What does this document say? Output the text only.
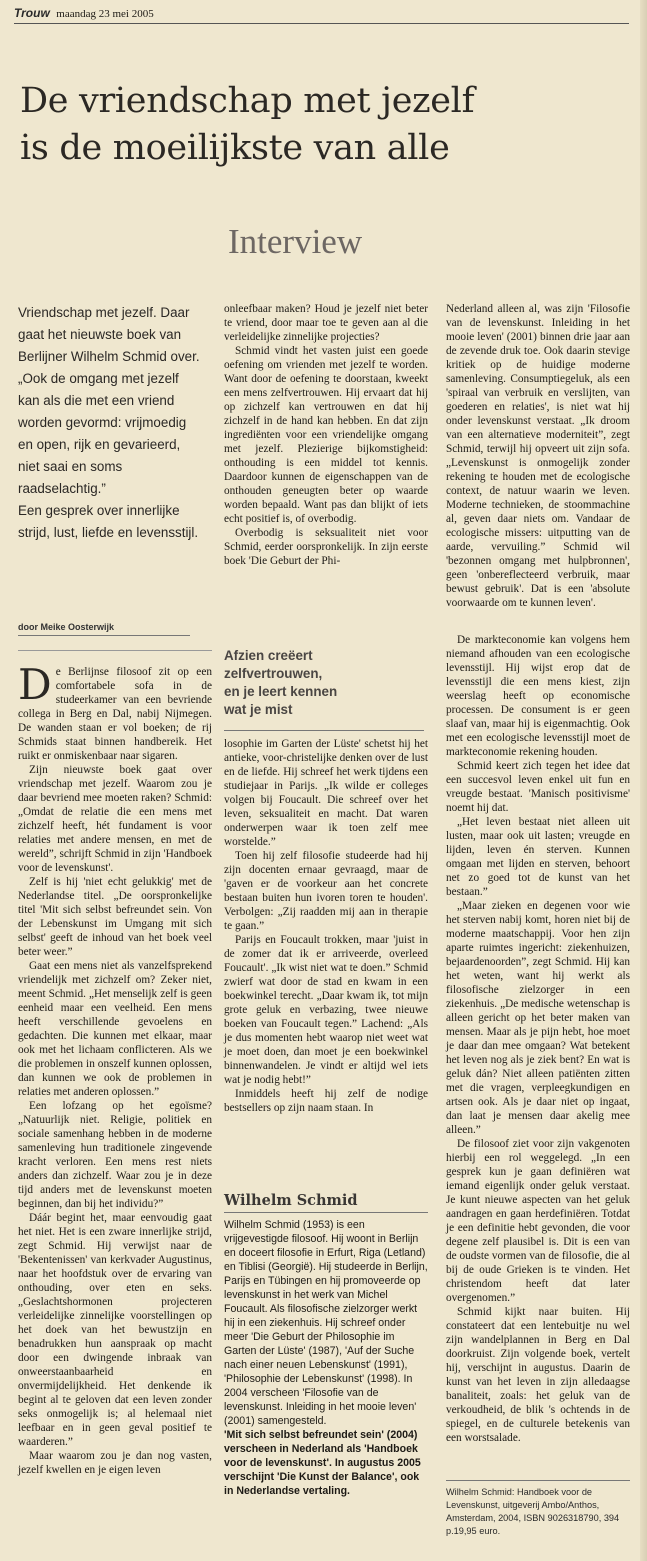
Trouw maandag 23 mei 2005
De vriendschap met jezelf
is de moeilijkste van alle
Interview

Vriendschap met jezelf. Daar gaat het nieuwste boek van Berlijner Wilhelm Schmid over. „Ook de omgang met jezelf kan als die met een vriend worden gevormd: vrijmoedig en open, rijk en gevarieerd, niet saai en soms raadselachtig.”

Een gesprek over innerlijke strijd, lust, liefde en levensstijl.

door Meike Oosterwijk

onleefbaar maken? Houd je jezelf niet beter te vriend, door maar toe te geven aan al die verleidelijke zinnelijke projecties?

Schmid vindt het vasten juist een goede oefening om vrienden met jezelf te worden. Want door de oefening te doorstaan, kweekt een mens zelfvertrouwen. Hij ervaart dat hij op zichzelf kan vertrouwen en dat hij zichzelf in de hand kan hebben. En dat zijn ingrediënten voor een vriendelijke omgang met jezelf. Plezierige bijkomstigheid: onthouding is een middel tot kennis. Daardoor kunnen de eigenschappen van de onthouden geneugten beter op waarde worden bepaald. Want pas dan blijkt of iets echt positief is, of overbodig.

Overbodig is seksualiteit niet voor Schmid, eerder oorspronkelijk. In zijn eerste boek 'Die Geburt der Phi-

Afzien creëert
zelfvertrouwen,
en je leert kennen
wat je mist

Nederland alleen al, was zijn 'Filosofie van de levenskunst. Inleiding in het mooie leven' (2001) binnen drie jaar aan de zevende druk toe. Ook daarin stevige kritiek op de huidige moderne samenleving. Consumptiegeluk, als een 'spiraal van verbruik en verslijten, van goederen en relaties', is niet wat hij onder levenskunst verstaat. „Ik droom van een alternatieve moderniteit”, zegt Schmid, terwijl hij opveert uit zijn sofa. „Levenskunst is onmogelijk zonder rekening te houden met de ecologische context, de natuur waarin we leven. Moderne technieken, de stoommachine al, geven daar niets om. Vandaar de ecologische missers: uitputting van de aarde, vervuiling.” Schmid wil 'bezonnen omgang met hulpbronnen', geen 'onbereflecteerd verbruik, maar bewust gebruik'. Dat is een 'absolute voorwaarde om te kunnen leven'.

De Berlijnse filosoof zit op een comfortabele sofa in de studeerkamer van een bevriende collega in Berg en Dal, nabij Nijmegen. De wanden staan er vol boeken; de rij Schmids staat binnen handbereik. Het ruikt er onmiskenbaar naar sigaren.

Zijn nieuwste boek gaat over vriendschap met jezelf. Waarom zou je daar bevriend mee moeten raken? Schmid: „Omdat de relatie die een mens met zichzelf heeft, hét fundament is voor relaties met andere mensen, en met de wereld”, schrijft Schmid in zijn 'Handboek voor de levenskunst'.

Zelf is hij 'niet echt gelukkig' met de Nederlandse titel. „De oorspronkelijke titel 'Mit sich selbst befreundet sein. Von der Lebenskunst im Umgang mit sich selbst' geeft de inhoud van het boek veel beter weer.”

Gaat een mens niet als vanzelfsprekend vriendelijk met zichzelf om? Zeker niet, meent Schmid. „Het menselijk zelf is geen eenheid maar een veelheid. Een mens heeft verschillende gevoelens en gedachten. Die kunnen met elkaar, maar ook met het lichaam conflicteren. Als we die problemen in onszelf kunnen oplossen, dan kunnen we ook de problemen in relaties met anderen oplossen.”

Een lofzang op het egoïsme? „Natuurlijk niet. Religie, politiek en sociale samenhang hebben in de moderne samenleving hun traditionele zingevende kracht verloren. Een mens rest niets anders dan zichzelf. Waar zou je in deze tijd anders met de levenskunst moeten beginnen, dan bij het individu?”

Dáár begint het, maar eenvoudig gaat het niet. Het is een zware innerlijke strijd, zegt Schmid. Hij verwijst naar de 'Bekentenissen' van kerkvader Augustinus, naar het hoofdstuk over de ervaring van onthouding, over eten en seks. „Geslachtshormonen projecteren verleidelijke zinnelijke voorstellingen op het doek van het bewustzijn en benadrukken hun aanspraak op macht door een dwingende inbraak van onweerstaanbaarheid en onvermijdelijkheid. Het denkende ik begint al te geloven dat een leven zonder seks onmogelijk is; al helemaal niet leefbaar en in geen geval positief te waarderen.”

Maar waarom zou je dan nog vasten, jezelf kwellen en je eigen leven

losophie im Garten der Lüste' schetst hij het antieke, voor-christelijke denken over de lust en de liefde. Hij schreef het werk tijdens een studiejaar in Parijs. „Ik wilde er colleges volgen bij Foucault. Die schreef over het leven, seksualiteit en macht. Dat waren onderwerpen waar ik toen zelf mee worstelde.”

Toen hij zelf filosofie studeerde had hij zijn docenten ernaar gevraagd, maar de 'gaven er de voorkeur aan het concrete bestaan buiten hun ivoren toren te houden'. Verbolgen: „Zij raadden mij aan in therapie te gaan.”

Parijs en Foucault trokken, maar 'juist in de zomer dat ik er arriveerde, overleed Foucault'. „Ik wist niet wat te doen.” Schmid zwierf wat door de stad en kwam in een boekwinkel terecht. „Daar kwam ik, tot mijn grote geluk en verbazing, twee nieuwe boeken van Foucault tegen.” Lachend: „Als je dus momenten hebt waarop niet weet wat je moet doen, dan moet je een boekwinkel binnenwandelen. Je vindt er altijd wel iets wat je nodig hebt!”

Inmiddels heeft hij zelf de nodige bestsellers op zijn naam staan. In

De markteconomie kan volgens hem niemand afhouden van een ecologische levensstijl. Hij wijst erop dat de levensstijl die een mens kiest, zijn weerslag heeft op economische processen. De consument is er geen slaaf van, maar hij is eigenmachtig. Ook met een ecologische levensstijl moet de markteconomie rekening houden.

Schmid keert zich tegen het idee dat een succesvol leven enkel uit fun en vreugde bestaat. 'Manisch positivisme' noemt hij dat.

„Het leven bestaat niet alleen uit lusten, maar ook uit lasten; vreugde en lijden, leven én sterven. Kunnen omgaan met lijden en sterven, behoort net zo goed tot de kunst van het bestaan.”

„Maar zieken en degenen voor wie het sterven nabij komt, horen niet bij de moderne maatschappij. Voor hen zijn aparte ruimtes ingericht: ziekenhuizen, bejaardenoorden”, zegt Schmid. Hij kan het weten, want hij werkt als filosofische zielzorger in een ziekenhuis. „De medische wetenschap is alleen gericht op het beter maken van mensen. Maar als je pijn hebt, hoe moet je daar dan mee omgaan? Wat betekent het leven nog als je ziek bent? En wat is geluk dán? Niet alleen patiënten zitten met die vragen, verpleegkundigen en artsen ook. Als je daar niet op ingaat, dan laat je mensen daar akelig mee alleen.”

De filosoof ziet voor zijn vakgenoten hierbij een rol weggelegd. „In een gesprek kun je gaan definiëren wat iemand eigenlijk onder geluk verstaat. Je kunt nieuwe aspecten van het geluk aandragen en gaan herdefiniëren. Totdat je een definitie hebt gevonden, die voor degene zelf plausibel is. Dit is een van de oudste vormen van de filosofie, die al bij de oude Grieken is te vinden. Het christendom heeft dat later overgenomen.”

Schmid kijkt naar buiten. Hij constateert dat een lentebuitje nu wel zijn wandelplannen in Berg en Dal doorkruist. Zijn volgende boek, vertelt hij, verschijnt in augustus. Daarin de kunst van het leven in zijn alledaagse banaliteit, zoals: het geluk van de verkoudheid, de blik 's ochtends in de spiegel, en de culturele betekenis van een worstsalade.

Wilhelm Schmid

Wilhelm Schmid (1953) is een vrijgevestigde filosoof. Hij woont in Berlijn en doceert filosofie in Erfurt, Riga (Letland) en Tiblisi (Georgië). Hij studeerde in Berlijn, Parijs en Tübingen en hij promoveerde op levenskunst in het werk van Michel Foucault. Als filosofische zielzorger werkt hij in een ziekenhuis. Hij schreef onder meer 'Die Geburt der Philosophie im Garten der Lüste' (1987), 'Auf der Suche nach einer neuen Lebenskunst' (1991), 'Philosophie der Lebenskunst' (1998). In 2004 verscheen 'Filosofie van de levenskunst. Inleiding in het mooie leven' (2001) samengesteld.
'Mit sich selbst befreundet sein' (2004) verscheen in Nederland als 'Handboek voor de levenskunst'. In augustus 2005 verschijnt 'Die Kunst der Balance', ook in Nederlandse vertaling.	Wilhelm Schmid: Handboek voor de Levenskunst, uitgeverij Ambo/Anthos, Amsterdam, 2004, ISBN 9026318790, 394 p.19,95 euro.
